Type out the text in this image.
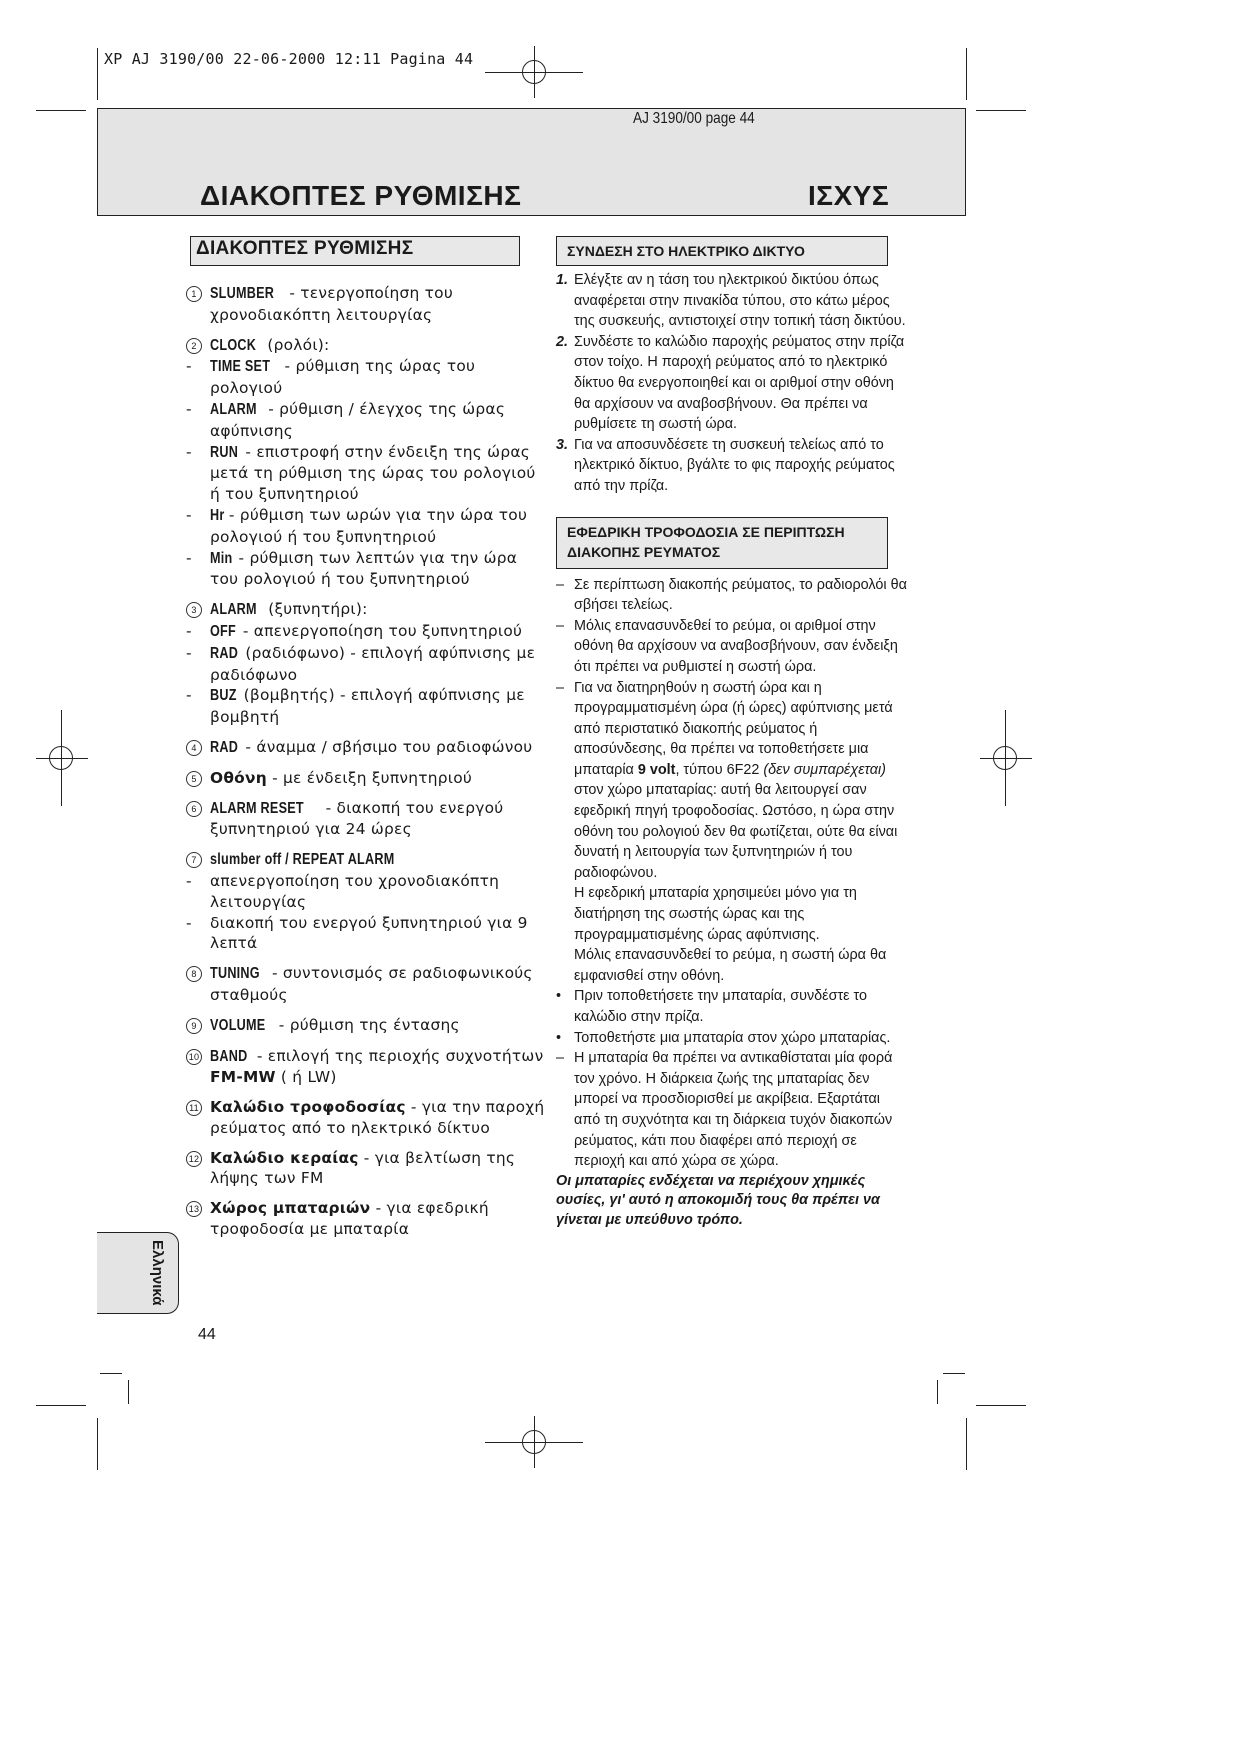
XP AJ 3190/00 22-06-2000 12:11 Pagina 44
AJ 3190/00 page 44
ΔΙΑΚΟΠΤΕΣ ΡΥΘΜΙΣΗΣ	ΙΣΧΥΣ
ΔΙΑΚΟΠΤΕΣ ΡΥΘΜΙΣΗΣ
1 SLUMBER - τενεργοποίηση του χρονοδιακόπτη λειτουργίας
2 CLOCK (ρολόι):
-	TIME SET - ρύθμιση της ώρας του ρολογιού
-	ALARM - ρύθμιση / έλεγχος της ώρας αφύπνισης
-	RUN - επιστροφή στην ένδειξη της ώρας μετά τη ρύθμιση της ώρας του ρολογιού ή του ξυπνητηριού
-	Hr - ρύθμιση των ωρών για την ώρα του ρολογιού ή του ξυπνητηριού
-	Min - ρύθμιση των λεπτών για την ώρα του ρολογιού ή του ξυπνητηριού
3 ALARM (ξυπνητήρι):
-	OFF - απενεργοποίηση του ξυπνητηριού
-	RAD (ραδιόφωνο) - επιλογή αφύπνισης με ραδιόφωνο
-	BUZ (βομβητής) - επιλογή αφύπνισης με βομβητή
4 RAD - άναμμα / σβήσιμο του ραδιοφώνου
5 Οθόνη - με ένδειξη ξυπνητηριού
6 ALARM RESET - διακοπή του ενεργού ξυπνητηριού για 24 ώρες
7 slumber off / REPEAT ALARM
-	απενεργοποίηση του χρονοδιακόπτη λειτουργίας
-	διακοπή του ενεργού ξυπνητηριού για 9 λεπτά
8 TUNING - συντονισμός σε ραδιοφωνικούς σταθμούς
9 VOLUME - ρύθμιση της έντασης
10 BAND - επιλογή της περιοχής συχνοτήτων FM-MW ( ή LW)
11 Καλώδιο τροφοδοσίας - για την παροχή ρεύματος από το ηλεκτρικό δίκτυο
12 Καλώδιο κεραίας - για βελτίωση της λήψης των FM
13 Χώρος μπαταριών - για εφεδρική τροφοδοσία με μπαταρία
ΣΥΝΔΕΣΗ ΣΤΟ ΗΛΕΚΤΡΙΚΟ ΔΙΚΤΥΟ
1. Ελέγξτε αν η τάση του ηλεκτρικού δικτύου όπως αναφέρεται στην πινακίδα τύπου, στο κάτω μέρος της συσκευής, αντιστοιχεί στην τοπική τάση δικτύου.
2. Συνδέστε το καλώδιο παροχής ρεύματος στην πρίζα στον τοίχο. Η παροχή ρεύματος από το ηλεκτρικό δίκτυο θα ενεργοποιηθεί και οι αριθμοί στην οθόνη θα αρχίσουν να αναβοσβήνουν. Θα πρέπει να ρυθμίσετε τη σωστή ώρα.
3. Για να αποσυνδέσετε τη συσκευή τελείως από το ηλεκτρικό δίκτυο, βγάλτε το φις παροχής ρεύματος από την πρίζα.
ΕΦΕΔΡΙΚΗ ΤΡΟΦΟΔΟΣΙΑ ΣΕ ΠΕΡΙΠΤΩΣΗ ΔΙΑΚΟΠΗΣ ΡΕΥΜΑΤΟΣ
– Σε περίπτωση διακοπής ρεύματος, το ραδιορολόι θα σβήσει τελείως.
– Μόλις επανασυνδεθεί το ρεύμα, οι αριθμοί στην οθόνη θα αρχίσουν να αναβοσβήνουν, σαν ένδειξη ότι πρέπει να ρυθμιστεί η σωστή ώρα.
– Για να διατηρηθούν η σωστή ώρα και η προγραμματισμένη ώρα (ή ώρες) αφύπνισης μετά από περιστατικό διακοπής ρεύματος ή αποσύνδεσης, θα πρέπει να τοποθετήσετε μια μπαταρία 9 volt, τύπου 6F22 (δεν συμπαρέχεται) στον χώρο μπαταρίας: αυτή θα λειτουργεί σαν εφεδρική πηγή τροφοδοσίας. Ωστόσο, η ώρα στην οθόνη του ρολογιού δεν θα φωτίζεται, ούτε θα είναι δυνατή η λειτουργία των ξυπνητηριών ή του ραδιοφώνου.
Η εφεδρική μπαταρία χρησιμεύει μόνο για τη διατήρηση της σωστής ώρας και της προγραμματισμένης ώρας αφύπνισης.
Μόλις επανασυνδεθεί το ρεύμα, η σωστή ώρα θα εμφανισθεί στην οθόνη.
• Πριν τοποθετήσετε την μπαταρία, συνδέστε το καλώδιο στην πρίζα.
• Τοποθετήστε μια μπαταρία στον χώρο μπαταρίας.
– Η μπαταρία θα πρέπει να αντικαθίσταται μία φορά τον χρόνο. Η διάρκεια ζωής της μπαταρίας δεν μπορεί να προσδιορισθεί με ακρίβεια. Εξαρτάται από τη συχνότητα και τη διάρκεια τυχόν διακοπών ρεύματος, κάτι που διαφέρει από περιοχή σε περιοχή και από χώρα σε χώρα.
Οι μπαταρίες ενδέχεται να περιέχουν χημικές ουσίες, γι' αυτό η αποκομιδή τους θα πρέπει να γίνεται με υπεύθυνο τρόπο.
Ελληνικά
44
